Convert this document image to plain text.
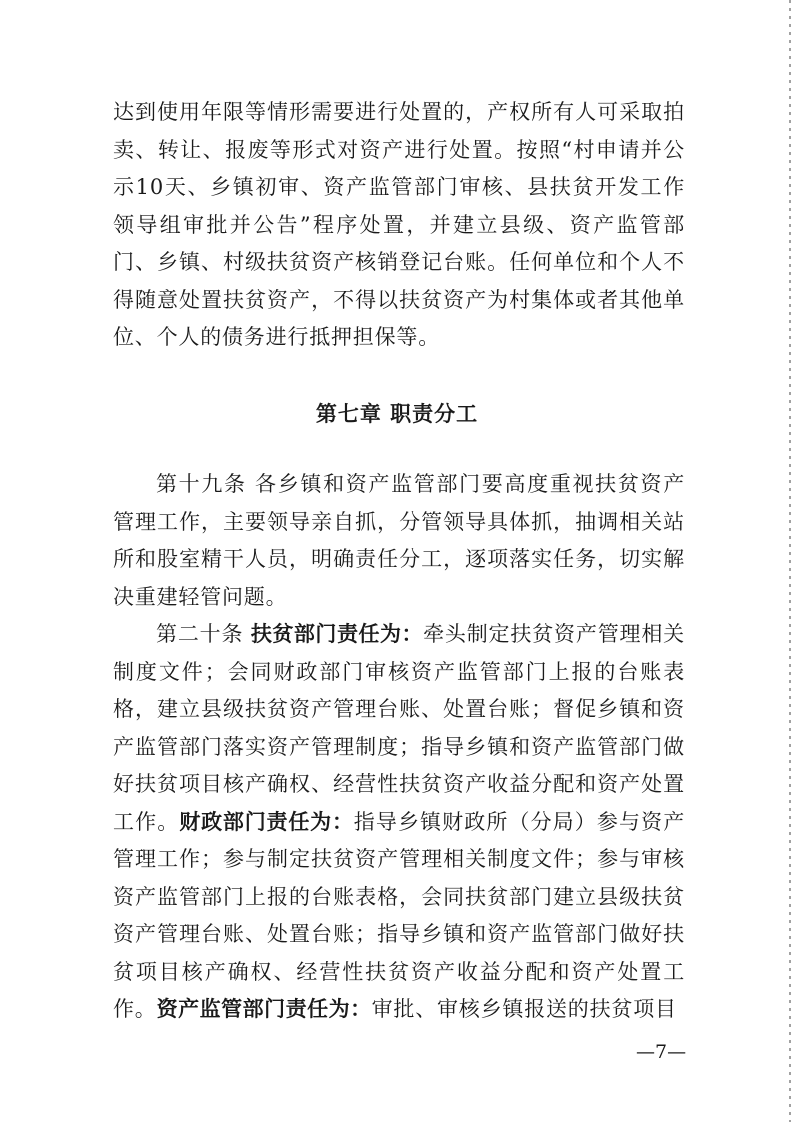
达到使用年限等情形需要进行处置的，产权所有人可采取拍卖、转让、报废等形式对资产进行处置。按照“村申请并公示10天、乡镇初审、资产监管部门审核、县扶贫开发工作领导组审批并公告”程序处置，并建立县级、资产监管部门、乡镇、村级扶贫资产核销登记台账。任何单位和个人不得随意处置扶贫资产，不得以扶贫资产为村集体或者其他单位、个人的债务进行抵押担保等。

第七章 职责分工

第十九条 各乡镇和资产监管部门要高度重视扶贫资产管理工作，主要领导亲自抓，分管领导具体抓，抽调相关站所和股室精干人员，明确责任分工，逐项落实任务，切实解决重建轻管问题。

第二十条 扶贫部门责任为：牵头制定扶贫资产管理相关制度文件；会同财政部门审核资产监管部门上报的台账表格，建立县级扶贫资产管理台账、处置台账；督促乡镇和资产监管部门落实资产管理制度；指导乡镇和资产监管部门做好扶贫项目核产确权、经营性扶贫资产收益分配和资产处置工作。财政部门责任为：指导乡镇财政所（分局）参与资产管理工作；参与制定扶贫资产管理相关制度文件；参与审核资产监管部门上报的台账表格，会同扶贫部门建立县级扶贫资产管理台账、处置台账；指导乡镇和资产监管部门做好扶贫项目核产确权、经营性扶贫资产收益分配和资产处置工作。资产监管部门责任为：审批、审核乡镇报送的扶贫项目

—7—
